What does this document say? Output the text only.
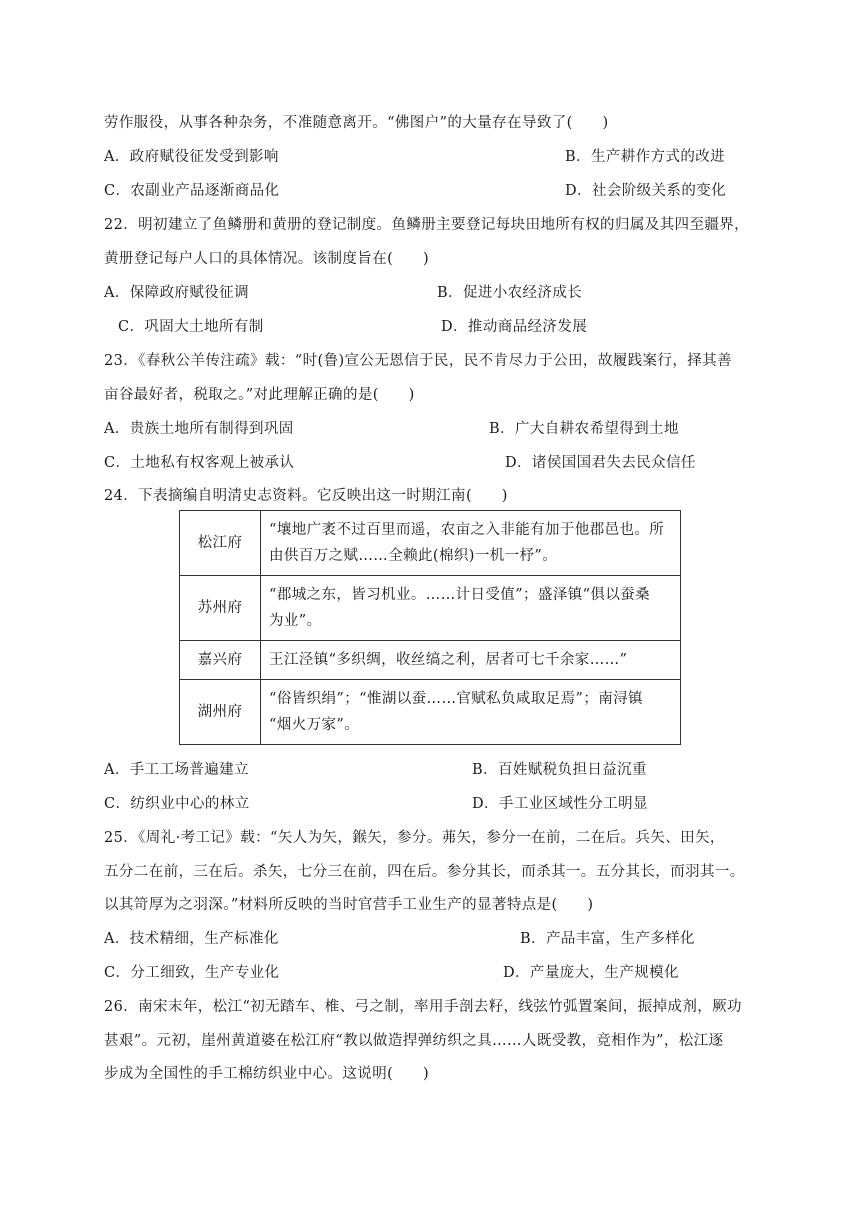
劳作服役，从事各种杂务，不准随意离开。“佛图户”的大量存在导致了(　　)
A．政府赋役征发受到影响	B．生产耕作方式的改进
C．农副业产品逐渐商品化	D．社会阶级关系的变化
22．明初建立了鱼鳞册和黄册的登记制度。鱼鳞册主要登记每块田地所有权的归属及其四至疆界，
黄册登记每户人口的具体情况。该制度旨在(　　)
A．保障政府赋役征调	B．促进小农经济成长
C．巩固大土地所有制	D．推动商品经济发展
23．《春秋公羊传注疏》载：“时(鲁)宣公无恩信于民，民不肯尽力于公田，故履践案行，择其善
亩谷最好者，税取之。”对此理解正确的是(　　)
A．贵族土地所有制得到巩固	B．广大自耕农希望得到土地
C．土地私有权客观上被承认	D．诸侯国国君失去民众信任
24．下表摘编自明清史志资料。它反映出这一时期江南(　　)
松江府	“壤地广袤不过百里而遥，农亩之入非能有加于他郡邑也。所
由供百万之赋……全赖此(棉织)一机一杼”。

苏州府	“郡城之东，皆习机业。……计日受值”；盛泽镇“俱以蚕桑
为业”。

嘉兴府	王江泾镇“多织绸，收丝缟之利，居者可七千余家……”

湖州府	“俗皆织绢”；“惟湖以蚕……官赋私负咸取足焉”；南浔镇
“烟火万家”。
A．手工工场普遍建立	B．百姓赋税负担日益沉重
C．纺织业中心的林立	D．手工业区域性分工明显
25．《周礼·考工记》载：“矢人为矢，鍭矢，参分。茀矢，参分一在前，二在后。兵矢、田矢，
五分二在前，三在后。杀矢，七分三在前，四在后。参分其长，而杀其一。五分其长，而羽其一。
以其笴厚为之羽深。”材料所反映的当时官营手工业生产的显著特点是(　　)
A．技术精细，生产标准化	B．产品丰富，生产多样化
C．分工细致，生产专业化	D．产量庞大，生产规模化
26．南宋末年，松江“初无踏车、椎、弓之制，率用手剖去籽，线弦竹弧置案间，振掉成剂，厥功
甚艰”。元初，崖州黄道婆在松江府“教以做造捍弹纺织之具……人既受教，竞相作为”，松江逐
步成为全国性的手工棉纺织业中心。这说明(　　)
